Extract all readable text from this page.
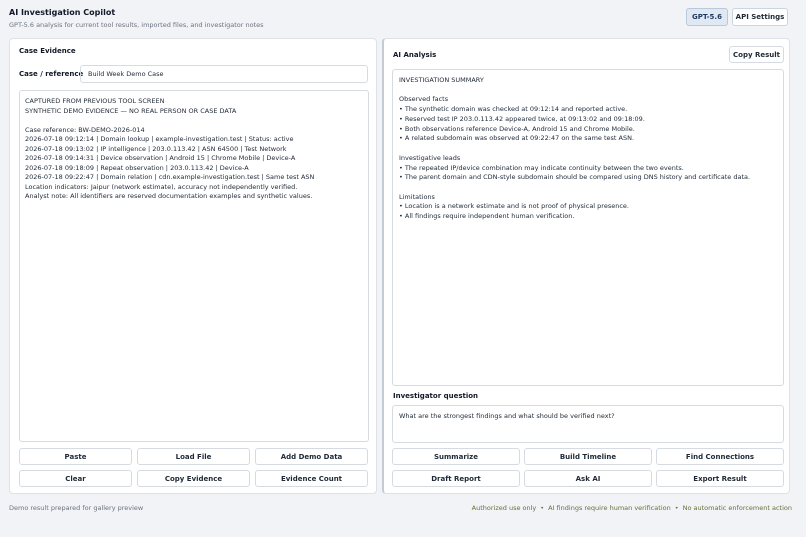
AI Investigation Copilot
GPT-5.6 analysis for current tool results, imported files, and investigator notes
GPT-5.6	API Settings
Case Evidence
Case / reference Build Week Demo Case
CAPTURED FROM PREVIOUS TOOL SCREEN
SYNTHETIC DEMO EVIDENCE — NO REAL PERSON OR CASE DATA
Case reference: BW-DEMO-2026-014
2026-07-18 09:12:14 | Domain lookup | example-investigation.test | Status: active
2026-07-18 09:13:02 | IP intelligence | 203.0.113.42 | ASN 64500 | Test Network
2026-07-18 09:14:31 | Device observation | Android 15 | Chrome Mobile | Device-A
2026-07-18 09:18:09 | Repeat observation | 203.0.113.42 | Device-A
2026-07-18 09:22:47 | Domain relation | cdn.example-investigation.test | Same test ASN
Location indicators: Jaipur (network estimate), accuracy not independently verified.
Analyst note: All identifiers are reserved documentation examples and synthetic values.
Paste	Load File	Add Demo Data
Clear	Copy Evidence	Evidence Count
AI Analysis	Copy Result
INVESTIGATION SUMMARY
Observed facts
• The synthetic domain was checked at 09:12:14 and reported active.
• Reserved test IP 203.0.113.42 appeared twice, at 09:13:02 and 09:18:09.
• Both observations reference Device-A, Android 15 and Chrome Mobile.
• A related subdomain was observed at 09:22:47 on the same test ASN.
Investigative leads
• The repeated IP/device combination may indicate continuity between the two events.
• The parent domain and CDN-style subdomain should be compared using DNS history and certificate data.
Limitations
• Location is a network estimate and is not proof of physical presence.
• All findings require independent human verification.
Investigator question
What are the strongest findings and what should be verified next?
Summarize	Build Timeline	Find Connections
Draft Report	Ask AI	Export Result
Demo result prepared for gallery preview	Authorized use only • AI findings require human verification • No automatic enforcement action
